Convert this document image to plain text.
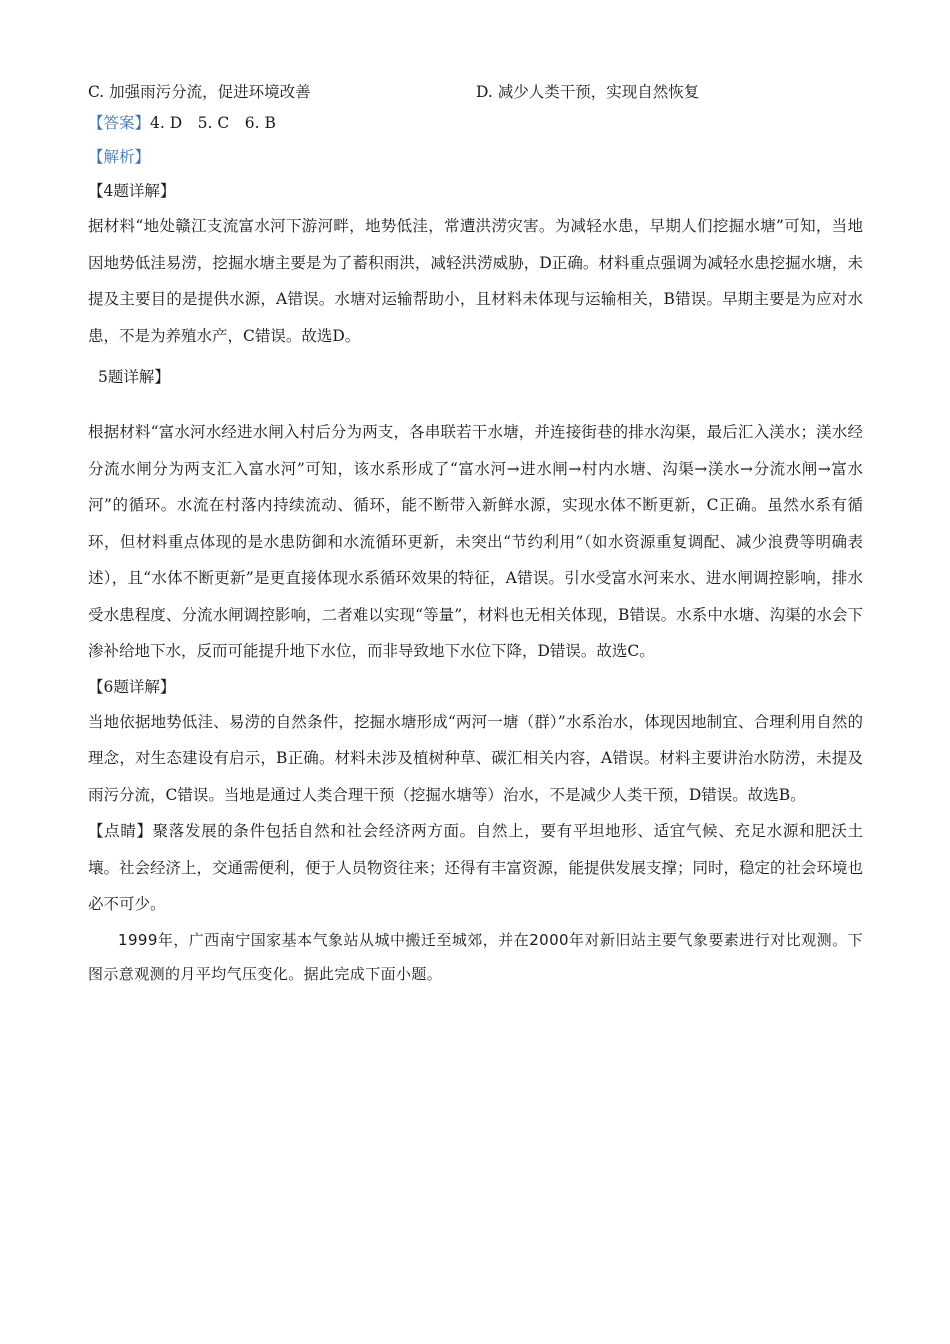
C. 加强雨污分流，促进环境改善	D. 减少人类干预，实现自然恢复
【答案】4. D　5. C　6. B
【解析】
【4题详解】
据材料“地处赣江支流富水河下游河畔，地势低洼，常遭洪涝灾害。为减轻水患，早期人们挖掘水塘”可知，当地因地势低洼易涝，挖掘水塘主要是为了蓄积雨洪，减轻洪涝威胁，D正确。材料重点强调为减轻水患挖掘水塘，未提及主要目的是提供水源，A错误。水塘对运输帮助小，且材料未体现与运输相关，B错误。早期主要是为应对水患，不是为养殖水产，C错误。故选D。
5题详解】
根据材料“富水河水经进水闸入村后分为两支，各串联若干水塘，并连接街巷的排水沟渠，最后汇入渼水；渼水经分流水闸分为两支汇入富水河”可知，该水系形成了“富水河→进水闸→村内水塘、沟渠→渼水→分流水闸→富水河”的循环。水流在村落内持续流动、循环，能不断带入新鲜水源，实现水体不断更新，C正确。虽然水系有循环，但材料重点体现的是水患防御和水流循环更新，未突出“节约利用”（如水资源重复调配、减少浪费等明确表述），且“水体不断更新”是更直接体现水系循环效果的特征，A错误。引水受富水河来水、进水闸调控影响，排水受水患程度、分流水闸调控影响，二者难以实现“等量”，材料也无相关体现，B错误。水系中水塘、沟渠的水会下渗补给地下水，反而可能提升地下水位，而非导致地下水位下降，D错误。故选C。
【6题详解】
当地依据地势低洼、易涝的自然条件，挖掘水塘形成“两河一塘（群）”水系治水，体现因地制宜、合理利用自然的理念，对生态建设有启示，B正确。材料未涉及植树种草、碳汇相关内容，A错误。材料主要讲治水防涝，未提及雨污分流，C错误。当地是通过人类合理干预（挖掘水塘等）治水，不是减少人类干预，D错误。故选B。
【点睛】聚落发展的条件包括自然和社会经济两方面。自然上，要有平坦地形、适宜气候、充足水源和肥沃土壤。社会经济上，交通需便利，便于人员物资往来；还得有丰富资源，能提供发展支撑；同时，稳定的社会环境也必不可少。
1999年，广西南宁国家基本气象站从城中搬迁至城郊，并在2000年对新旧站主要气象要素进行对比观测。下图示意观测的月平均气压变化。据此完成下面小题。
